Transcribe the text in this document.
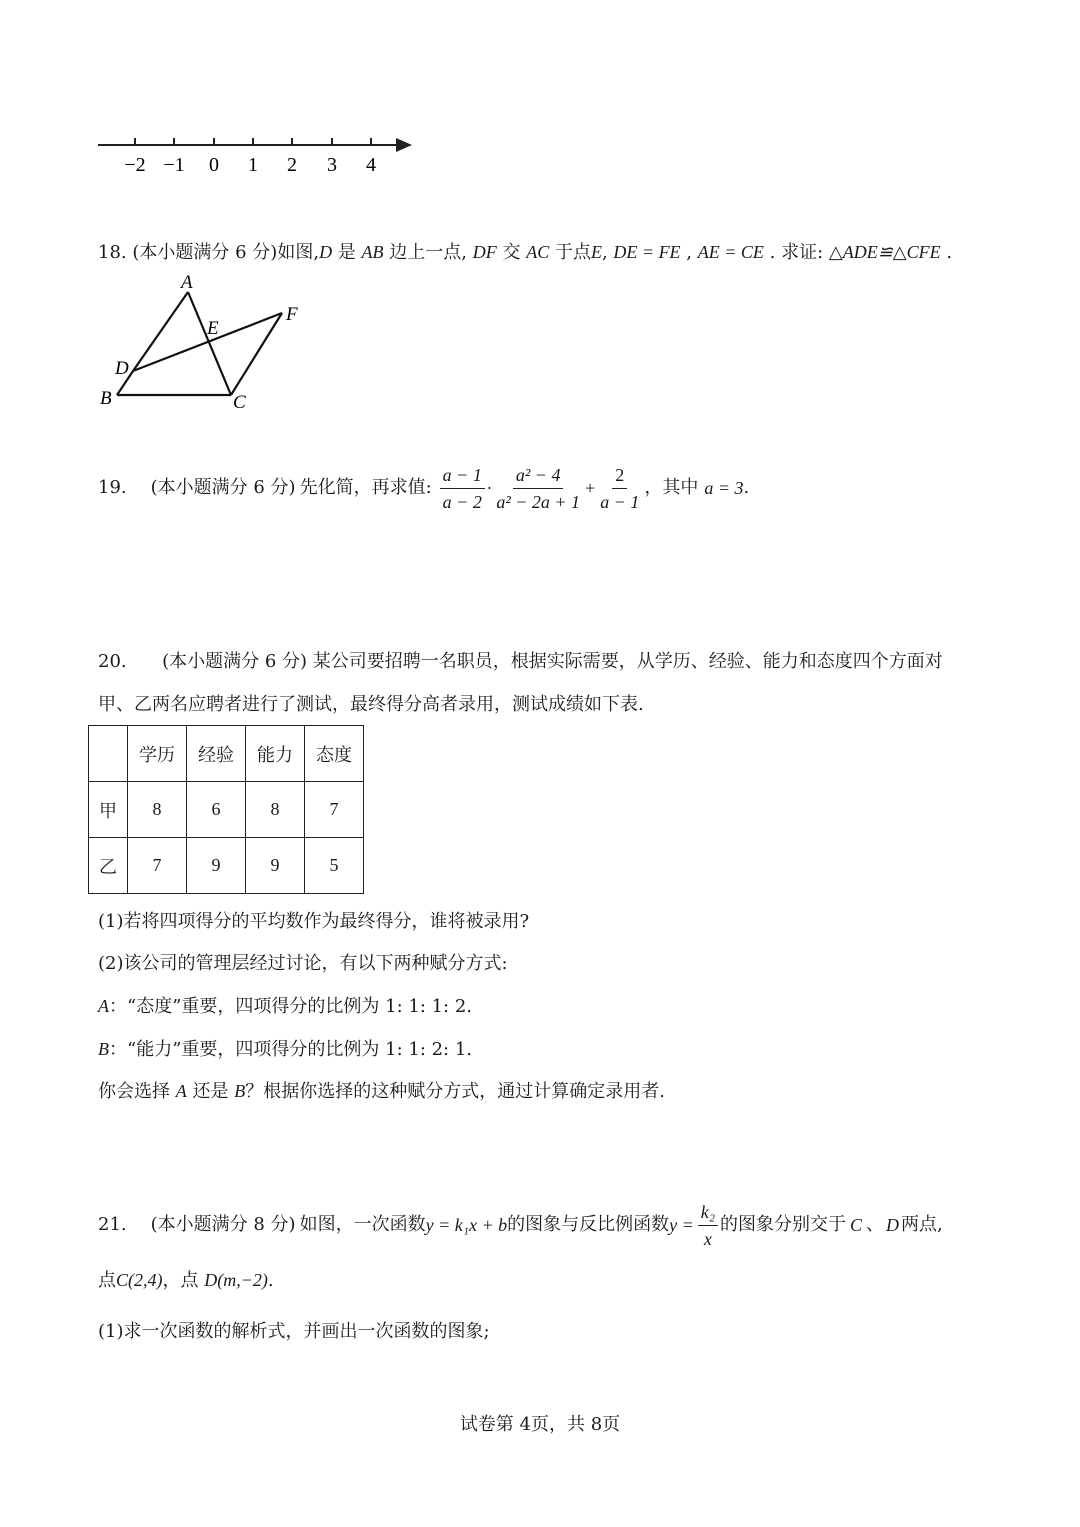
−2 −1 0 1 2 3 4
18. (本小题满分 6 分)如图,D 是 AB 边上一点, DF 交 AC 于点E, DE = FE , AE = CE . 求证: △ADE≌△CFE .
A
E
F
D
B	C
19. (本小题满分 6 分) 先化简，再求值: $\frac{a - 1}{a - 2} \cdot \frac{\text{a² − 4}}{\text{a² − 2a + 1}} + \frac{2}{a - 1}$ ，其中 a = 3 .
20. (本小题满分 6 分) 某公司要招聘一名职员，根据实际需要，从学历、经验、能力和态度四个方面对
甲、乙两名应聘者进行了测试，最终得分高者录用，测试成绩如下表.
	学历	经验	能力	态度
甲	8	6	8	7
乙	7	9	9	5
(1)若将四项得分的平均数作为最终得分，谁将被录用?
(2)该公司的管理层经过讨论，有以下两种赋分方式:
A：“态度”重要，四项得分的比例为 1: 1: 1: 2.
B：“能力”重要，四项得分的比例为 1: 1: 2: 1.
你会选择 A 还是 B？根据你选择的这种赋分方式，通过计算确定录用者.
21. (本小题满分 8 分) 如图，一次函数 y = k₁x + b 的图象与反比例函数 $y = \frac{\text{k₂}}{x}$ 的图象分别交于 C 、 D 两点,
点C(2,4)，点 D(m,−2).
(1)求一次函数的解析式，并画出一次函数的图象;
试卷第 4页，共 8页
